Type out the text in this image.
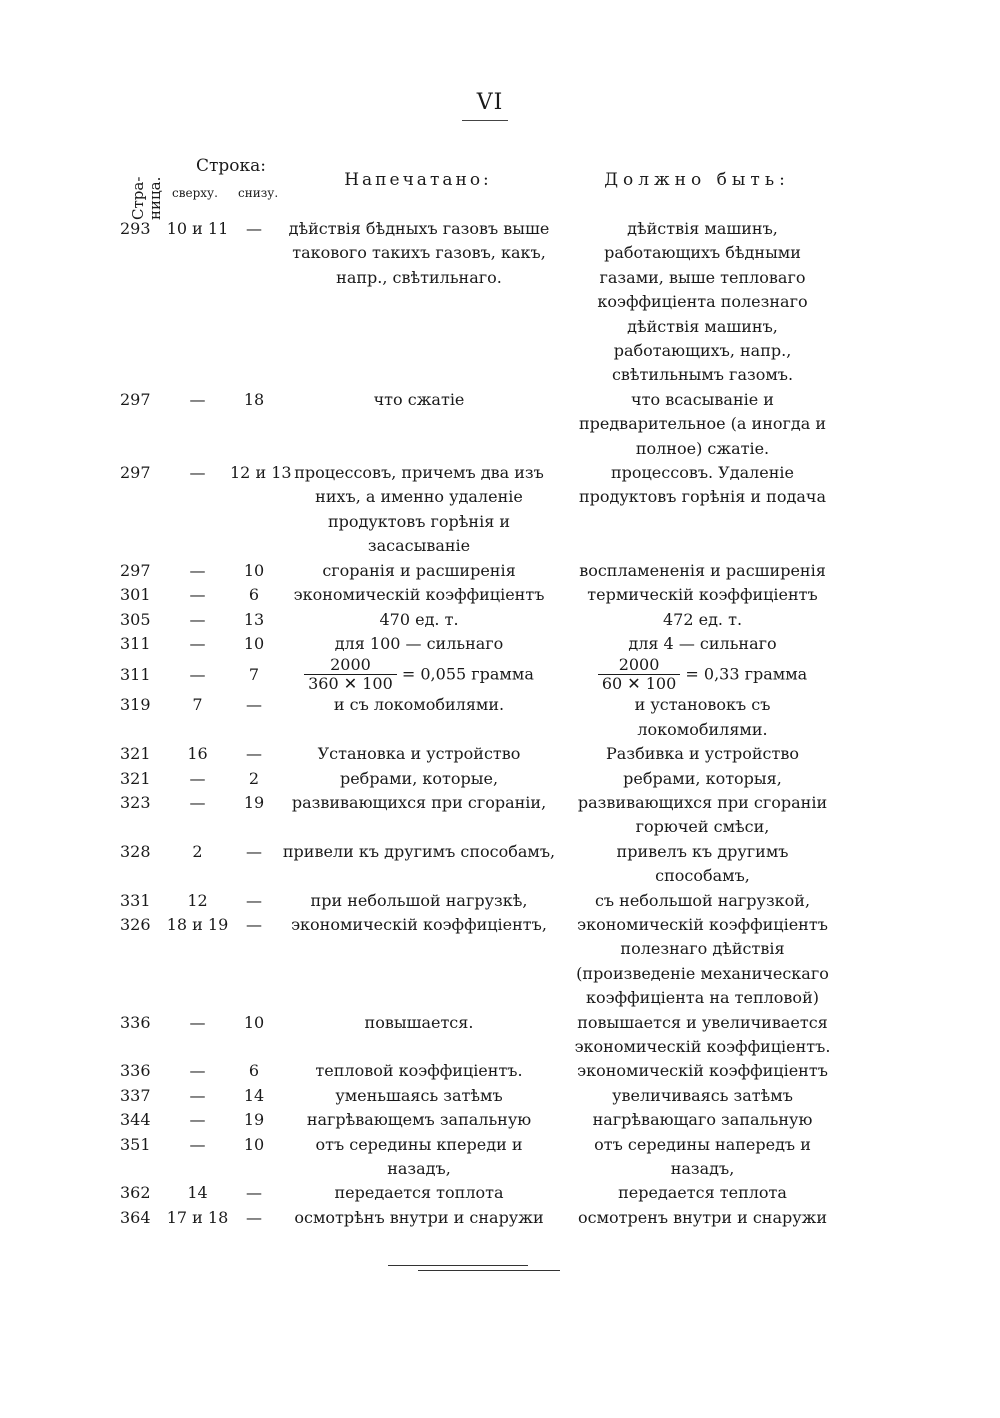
VI
Стра- ница.
Строка:
сверху. снизу.
Напечатано:	Должно быть:
293	10 и 11	—	дѣйствія бѣдныхъ газовъ выше такового такихъ газовъ, какъ, напр., свѣтильнаго.	дѣйствія машинъ, работающихъ бѣдными газами, выше тепловаго коэффиціента полезнаго дѣйствія машинъ, работающихъ, напр., свѣтильнымъ газомъ.
297	—	18	что сжатіе	что всасываніе и предварительное (а иногда и полное) сжатіе.
297	—	12 и 13	процессовъ, причемъ два изъ нихъ, а именно удаленіе продуктовъ горѣнія и засасываніе	процессовъ. Удаленіе продуктовъ горѣнія и подача
297	—	10	сгоранія и расширенія	воспламененія и расширенія
301	—	6	экономическій коэффиціентъ	термическій коэффиціентъ
305	—	13	470 ед. т.	472 ед. т.
311	—	10	для 100 — сильнаго	для 4 — сильнаго
311	—	7	$\frac{2000}{360 ✕ 100} = 0,055$ грамма	$\frac{2000}{60 ✕ 100} = 0,33$ грамма
319	7	—	и съ локомобилями.	и установокъ съ локомобилями.
321	16	—	Установка и устройство	Разбивка и устройство
321	—	2	ребрами, которые,	ребрами, которыя,
323	—	19	развивающихся при сгораніи,	развивающихся при сгораніи горючей смѣси,
328	2	—	привели къ другимъ способамъ,	привелъ къ другимъ способамъ,
331	12	—	при небольшой нагрузкѣ,	съ небольшой нагрузкой,
326	18 и 19	—	экономическій коэффиціентъ,	экономическій коэффиціентъ полезнаго дѣйствія (произведеніе механическаго коэффиціента на тепловой)
336	—	10	повышается.	повышается и увеличивается экономическій коэффиціентъ.
336	—	6	тепловой коэффиціентъ.	экономическій коэффиціентъ
337	—	14	уменьшаясь затѣмъ	увеличиваясь затѣмъ
344	—	19	нагрѣвающемъ запальную	нагрѣвающаго запальную
351	—	10	отъ середины кпереди и назадъ,	отъ середины напередъ и назадъ,
362	14	—	передается топлота	передается теплота
364	17 и 18	—	осмотрѣнъ внутри и снаружи	осмотренъ внутри и снаружи
